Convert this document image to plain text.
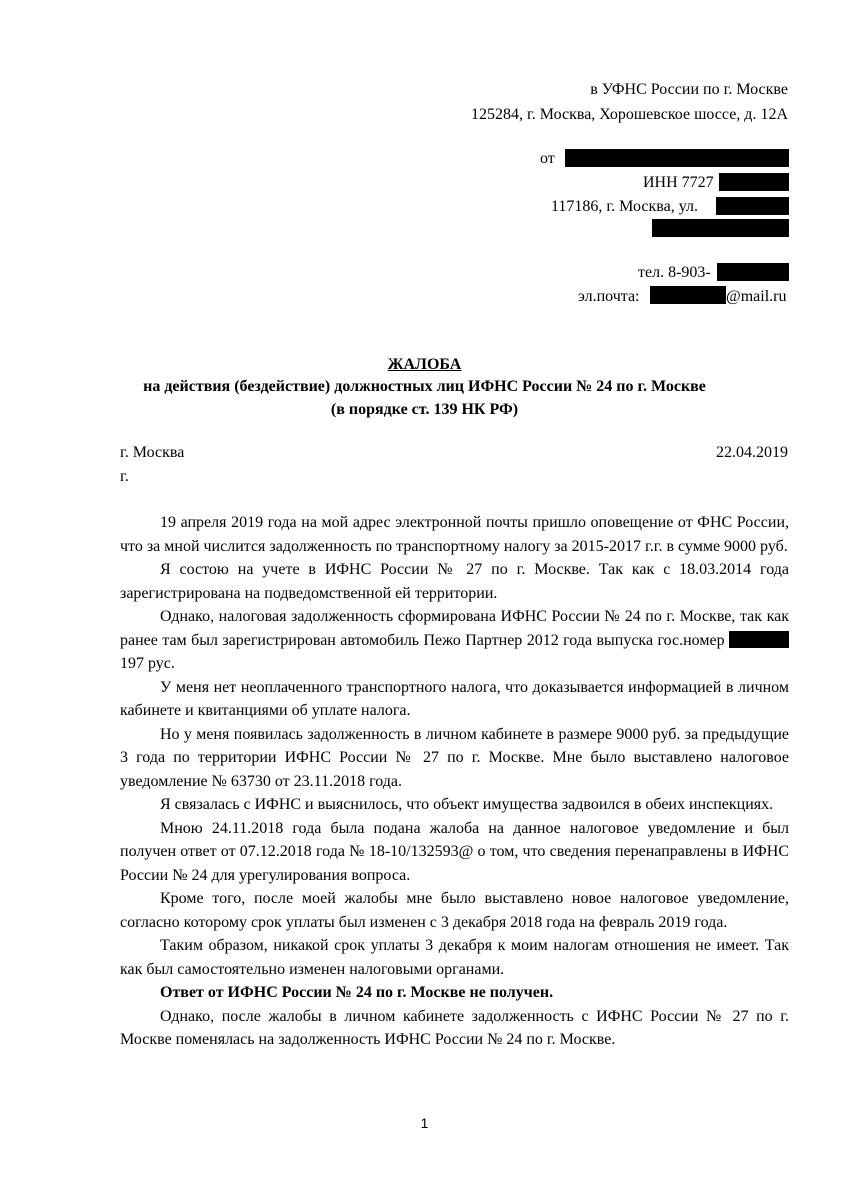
в УФНС России по г. Москве
125284, г. Москва, Хорошевское шоссе, д. 12А
от
ИНН 7727
117186, г. Москва, ул.
тел. 8-903-
эл.почта:	@mail.ru
ЖАЛОБА
на действия (бездействие) должностных лиц ИФНС России № 24 по г. Москве
(в порядке ст. 139 НК РФ)
г. Москва	22.04.2019
г.

19 апреля 2019 года на мой адрес электронной почты пришло оповещение от ФНС России, что за мной числится задолженность по транспортному налогу за 2015-2017 г.г. в сумме 9000 руб.

Я состою на учете в ИФНС России № 27 по г. Москве. Так как с 18.03.2014 года зарегистрирована на подведомственной ей территории.

Однако, налоговая задолженность сформирована ИФНС России № 24 по г. Москве, так как ранее там был зарегистрирован автомобиль Пежо Партнер 2012 года выпуска гос.номер  197 рус.

У меня нет неоплаченного транспортного налога, что доказывается информацией в личном кабинете и квитанциями об уплате налога.

Но у меня появилась задолженность в личном кабинете в размере 9000 руб. за предыдущие 3 года по территории ИФНС России № 27 по г. Москве. Мне было выставлено налоговое уведомление № 63730 от 23.11.2018 года.

Я связалась с ИФНС и выяснилось, что объект имущества задвоился в обеих инспекциях.

Мною 24.11.2018 года была подана жалоба на данное налоговое уведомление и был получен ответ от 07.12.2018 года № 18-10/132593@ о том, что сведения перенаправлены в ИФНС России № 24 для урегулирования вопроса.

Кроме того, после моей жалобы мне было выставлено новое налоговое уведомление, согласно которому срок уплаты был изменен с 3 декабря 2018 года на февраль 2019 года.

Таким образом, никакой срок уплаты 3 декабря к моим налогам отношения не имеет. Так как был самостоятельно изменен налоговыми органами.

Ответ от ИФНС России № 24 по г. Москве не получен.

Однако, после жалобы в личном кабинете задолженность с ИФНС России № 27 по г. Москве поменялась на задолженность ИФНС России № 24 по г. Москве.

1
